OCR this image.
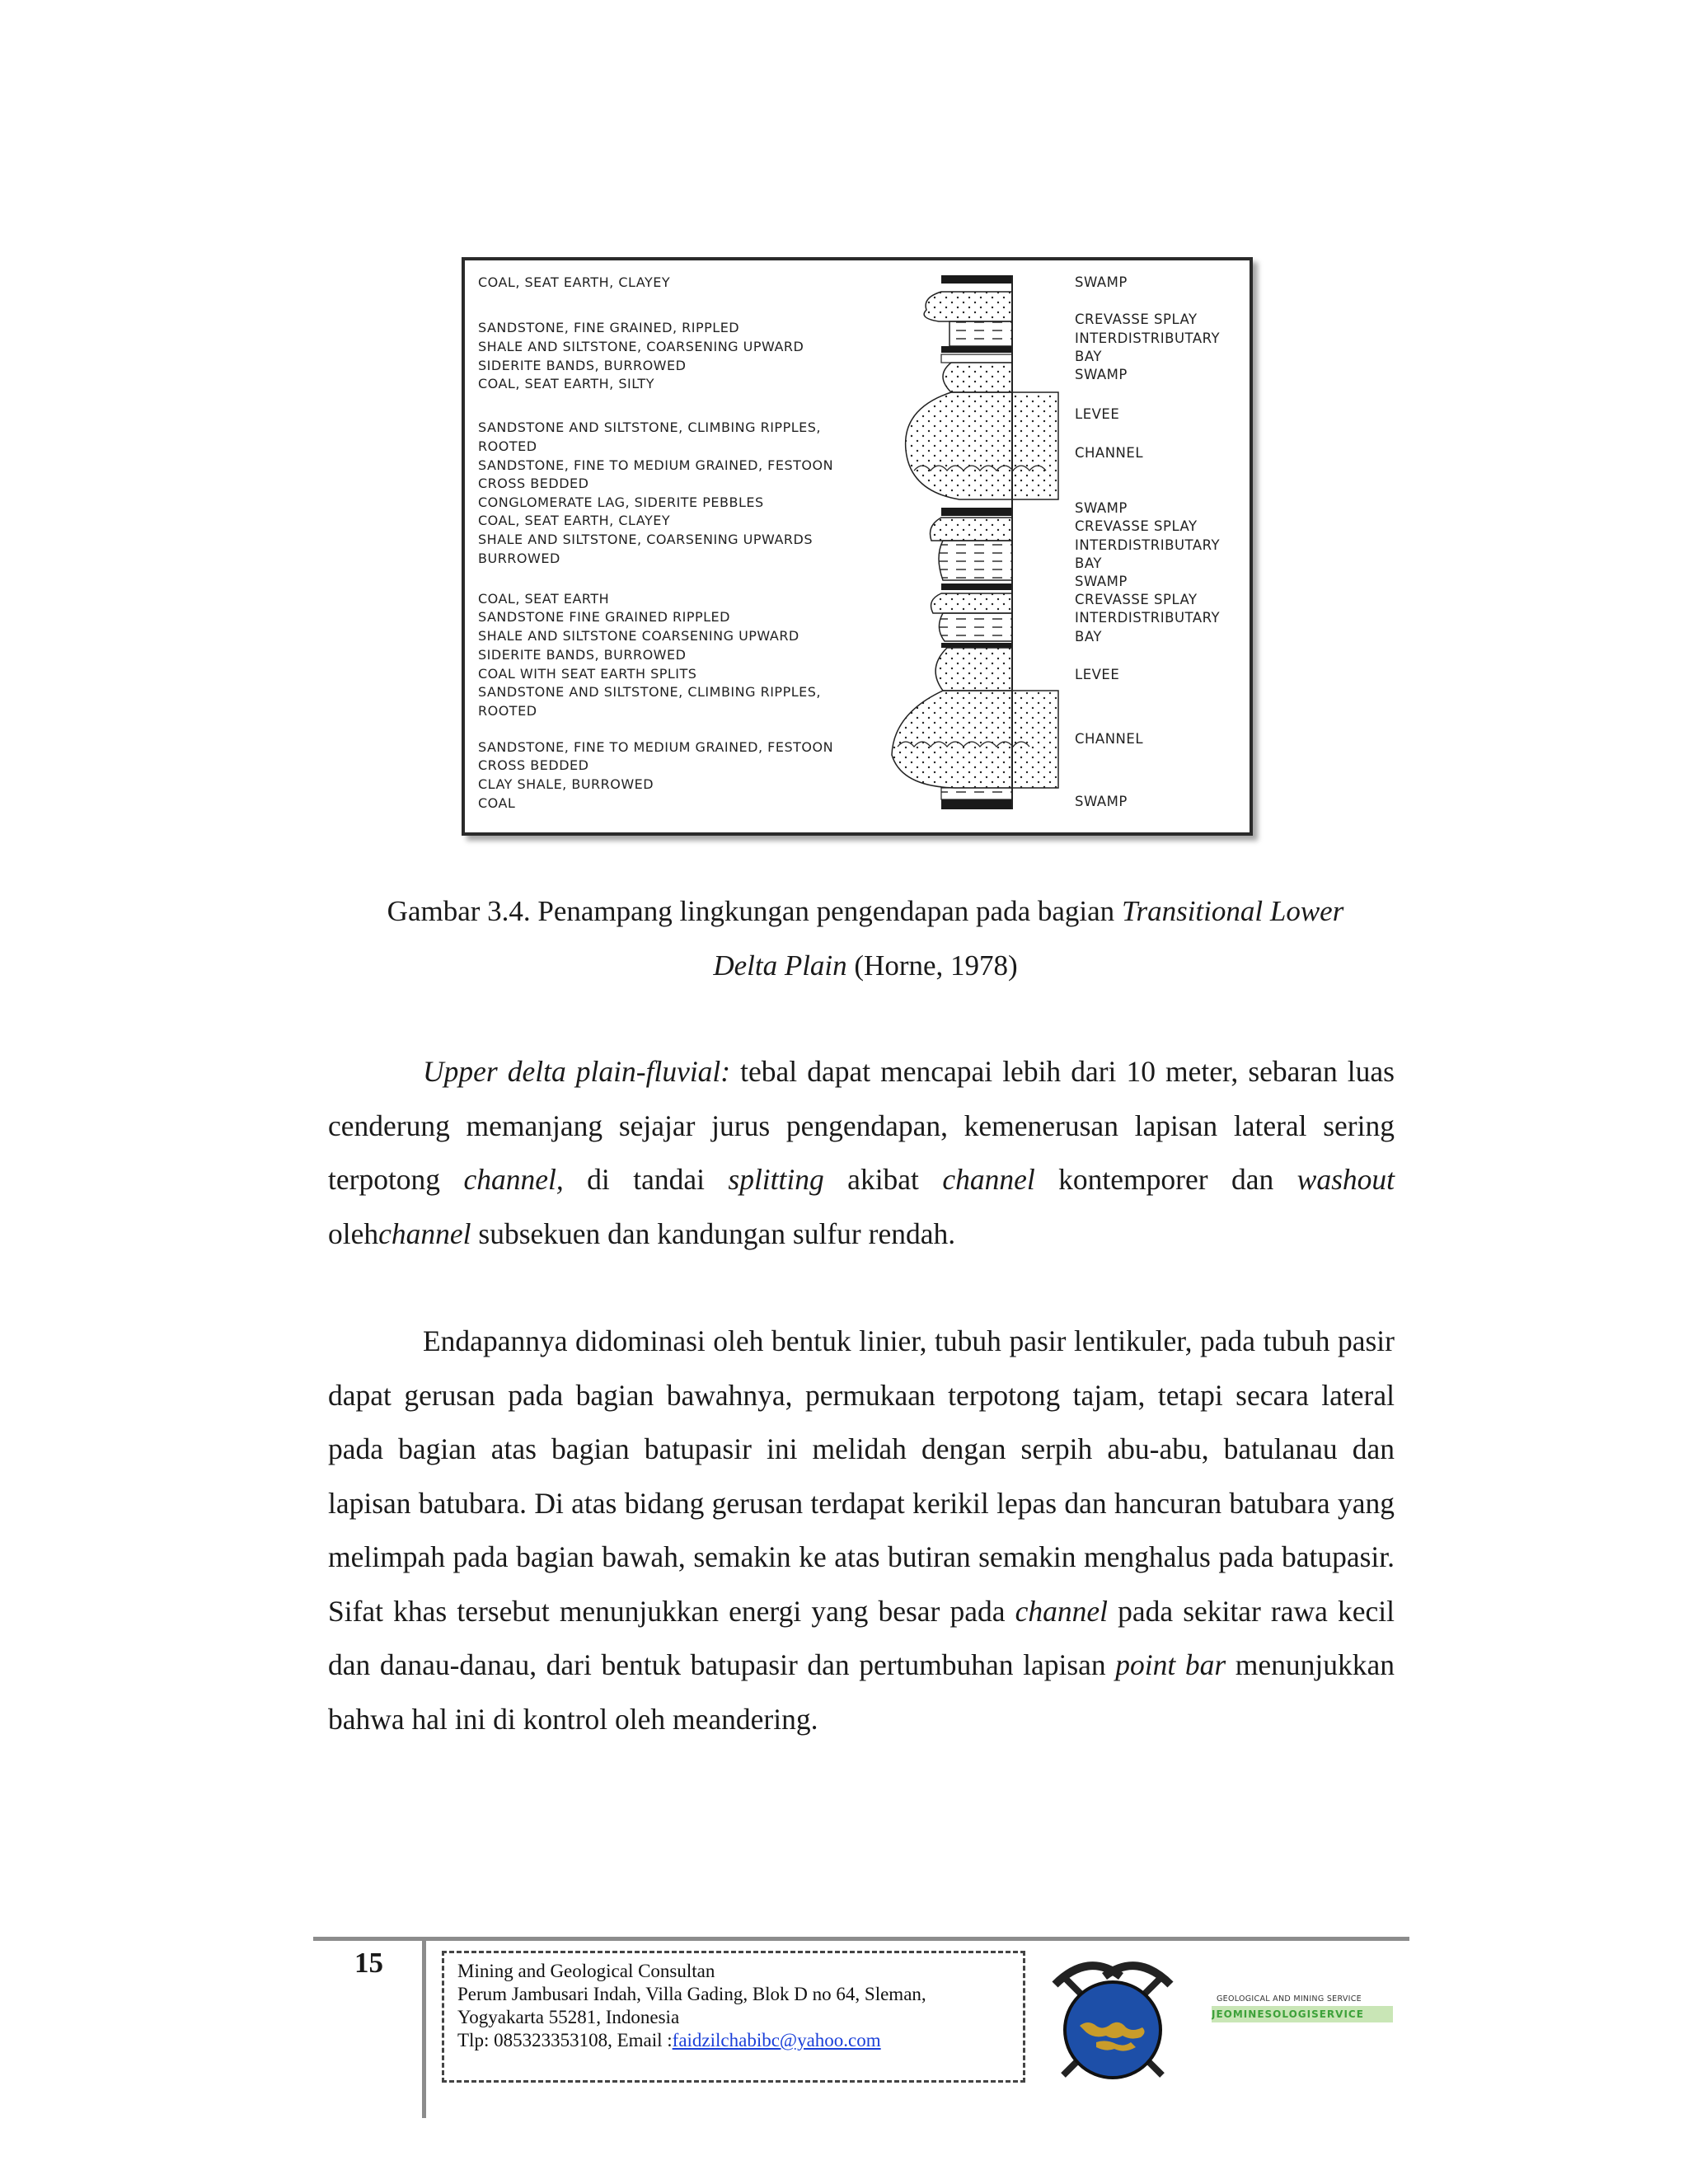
COAL, SEAT EARTH, CLAYEY
SANDSTONE, FINE GRAINED, RIPPLED
SHALE AND SILTSTONE, COARSENING UPWARD
SIDERITE BANDS, BURROWED
COAL, SEAT EARTH, SILTY
SANDSTONE AND SILTSTONE, CLIMBING RIPPLES,
ROOTED
SANDSTONE, FINE TO MEDIUM GRAINED, FESTOON
CROSS BEDDED
CONGLOMERATE LAG, SIDERITE PEBBLES
COAL, SEAT EARTH, CLAYEY
SHALE AND SILTSTONE, COARSENING UPWARDS
BURROWED
COAL, SEAT EARTH
SANDSTONE FINE GRAINED RIPPLED
SHALE AND SILTSTONE COARSENING UPWARD
SIDERITE BANDS, BURROWED
COAL WITH SEAT EARTH SPLITS
SANDSTONE AND SILTSTONE, CLIMBING RIPPLES,
ROOTED
SANDSTONE, FINE TO MEDIUM GRAINED, FESTOON
CROSS BEDDED
CLAY SHALE, BURROWED
COAL
SWAMP
CREVASSE SPLAY
INTERDISTRIBUTARY
BAY
SWAMP
LEVEE
CHANNEL
SWAMP
CREVASSE SPLAY
INTERDISTRIBUTARY
BAY
SWAMP
CREVASSE SPLAY
INTERDISTRIBUTARY
BAY
LEVEE
CHANNEL
SWAMP
Gambar 3.4. Penampang lingkungan pengendapan pada bagian Transitional Lower
Delta Plain (Horne, 1978)
Upper delta plain-fluvial: tebal dapat mencapai lebih dari 10 meter, sebaran luas cenderung memanjang sejajar jurus pengendapan, kemenerusan lapisan lateral sering terpotong channel, di tandai splitting akibat channel kontemporer dan washout olehchannel subsekuen dan kandungan sulfur rendah.
Endapannya didominasi oleh bentuk linier, tubuh pasir lentikuler, pada tubuh pasir dapat gerusan pada bagian bawahnya, permukaan terpotong tajam, tetapi secara lateral pada bagian atas bagian batupasir ini melidah dengan serpih abu-abu, batulanau dan lapisan batubara. Di atas bidang gerusan terdapat kerikil lepas dan hancuran batubara yang melimpah pada bagian bawah, semakin ke atas butiran semakin menghalus pada batupasir. Sifat khas tersebut menunjukkan energi yang besar pada channel pada sekitar rawa kecil dan danau-danau, dari bentuk batupasir dan pertumbuhan lapisan point bar menunjukkan bahwa hal ini di kontrol oleh meandering.
15	Mining and Geological Consultan
Perum Jambusari Indah, Villa Gading, Blok D no 64, Sleman,
Yogyakarta 55281, Indonesia
Tlp: 085323353108, Email :faidzilchabibc@yahoo.com
GEOLOGICAL AND MINING SERVICE
JEOMINESOLOGISERVICE
